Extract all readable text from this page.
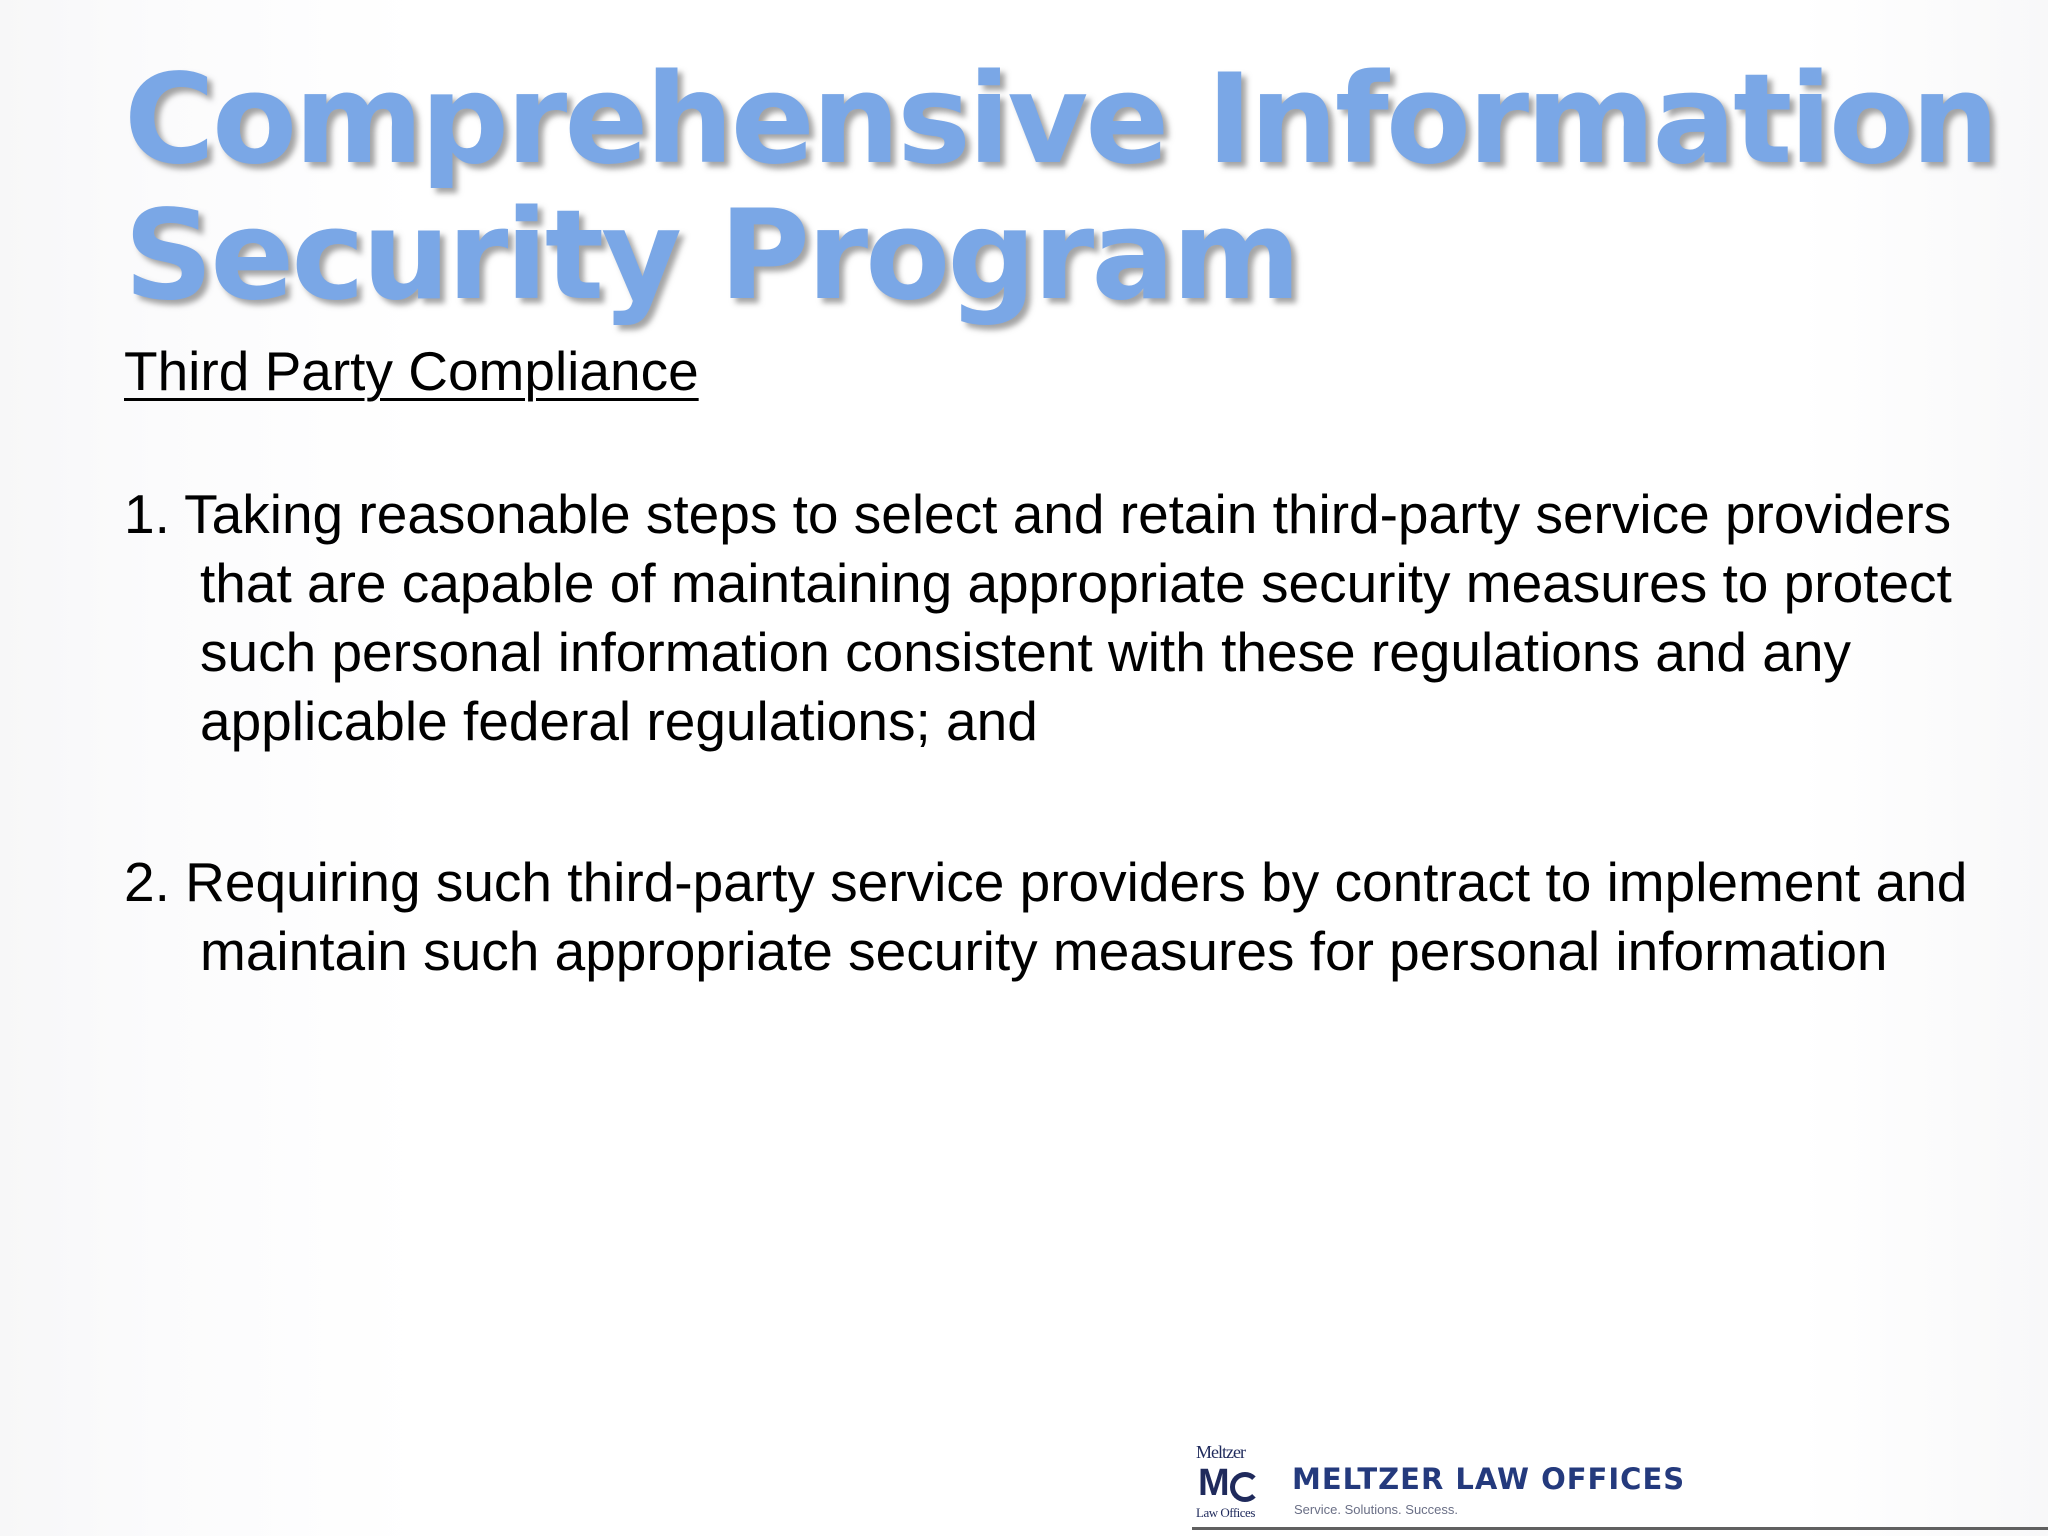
Comprehensive Information
Security Program
Third Party Compliance
1. Taking reasonable steps to select and retain third-party service providers that are capable of maintaining appropriate security measures to protect such personal information consistent with these regulations and any applicable federal regulations; and
2. Requiring such third-party service providers by contract to implement and maintain such appropriate security measures for personal information
Meltzer
M
Law Offices

MELTZER LAW OFFICES

Service. Solutions. Success.
